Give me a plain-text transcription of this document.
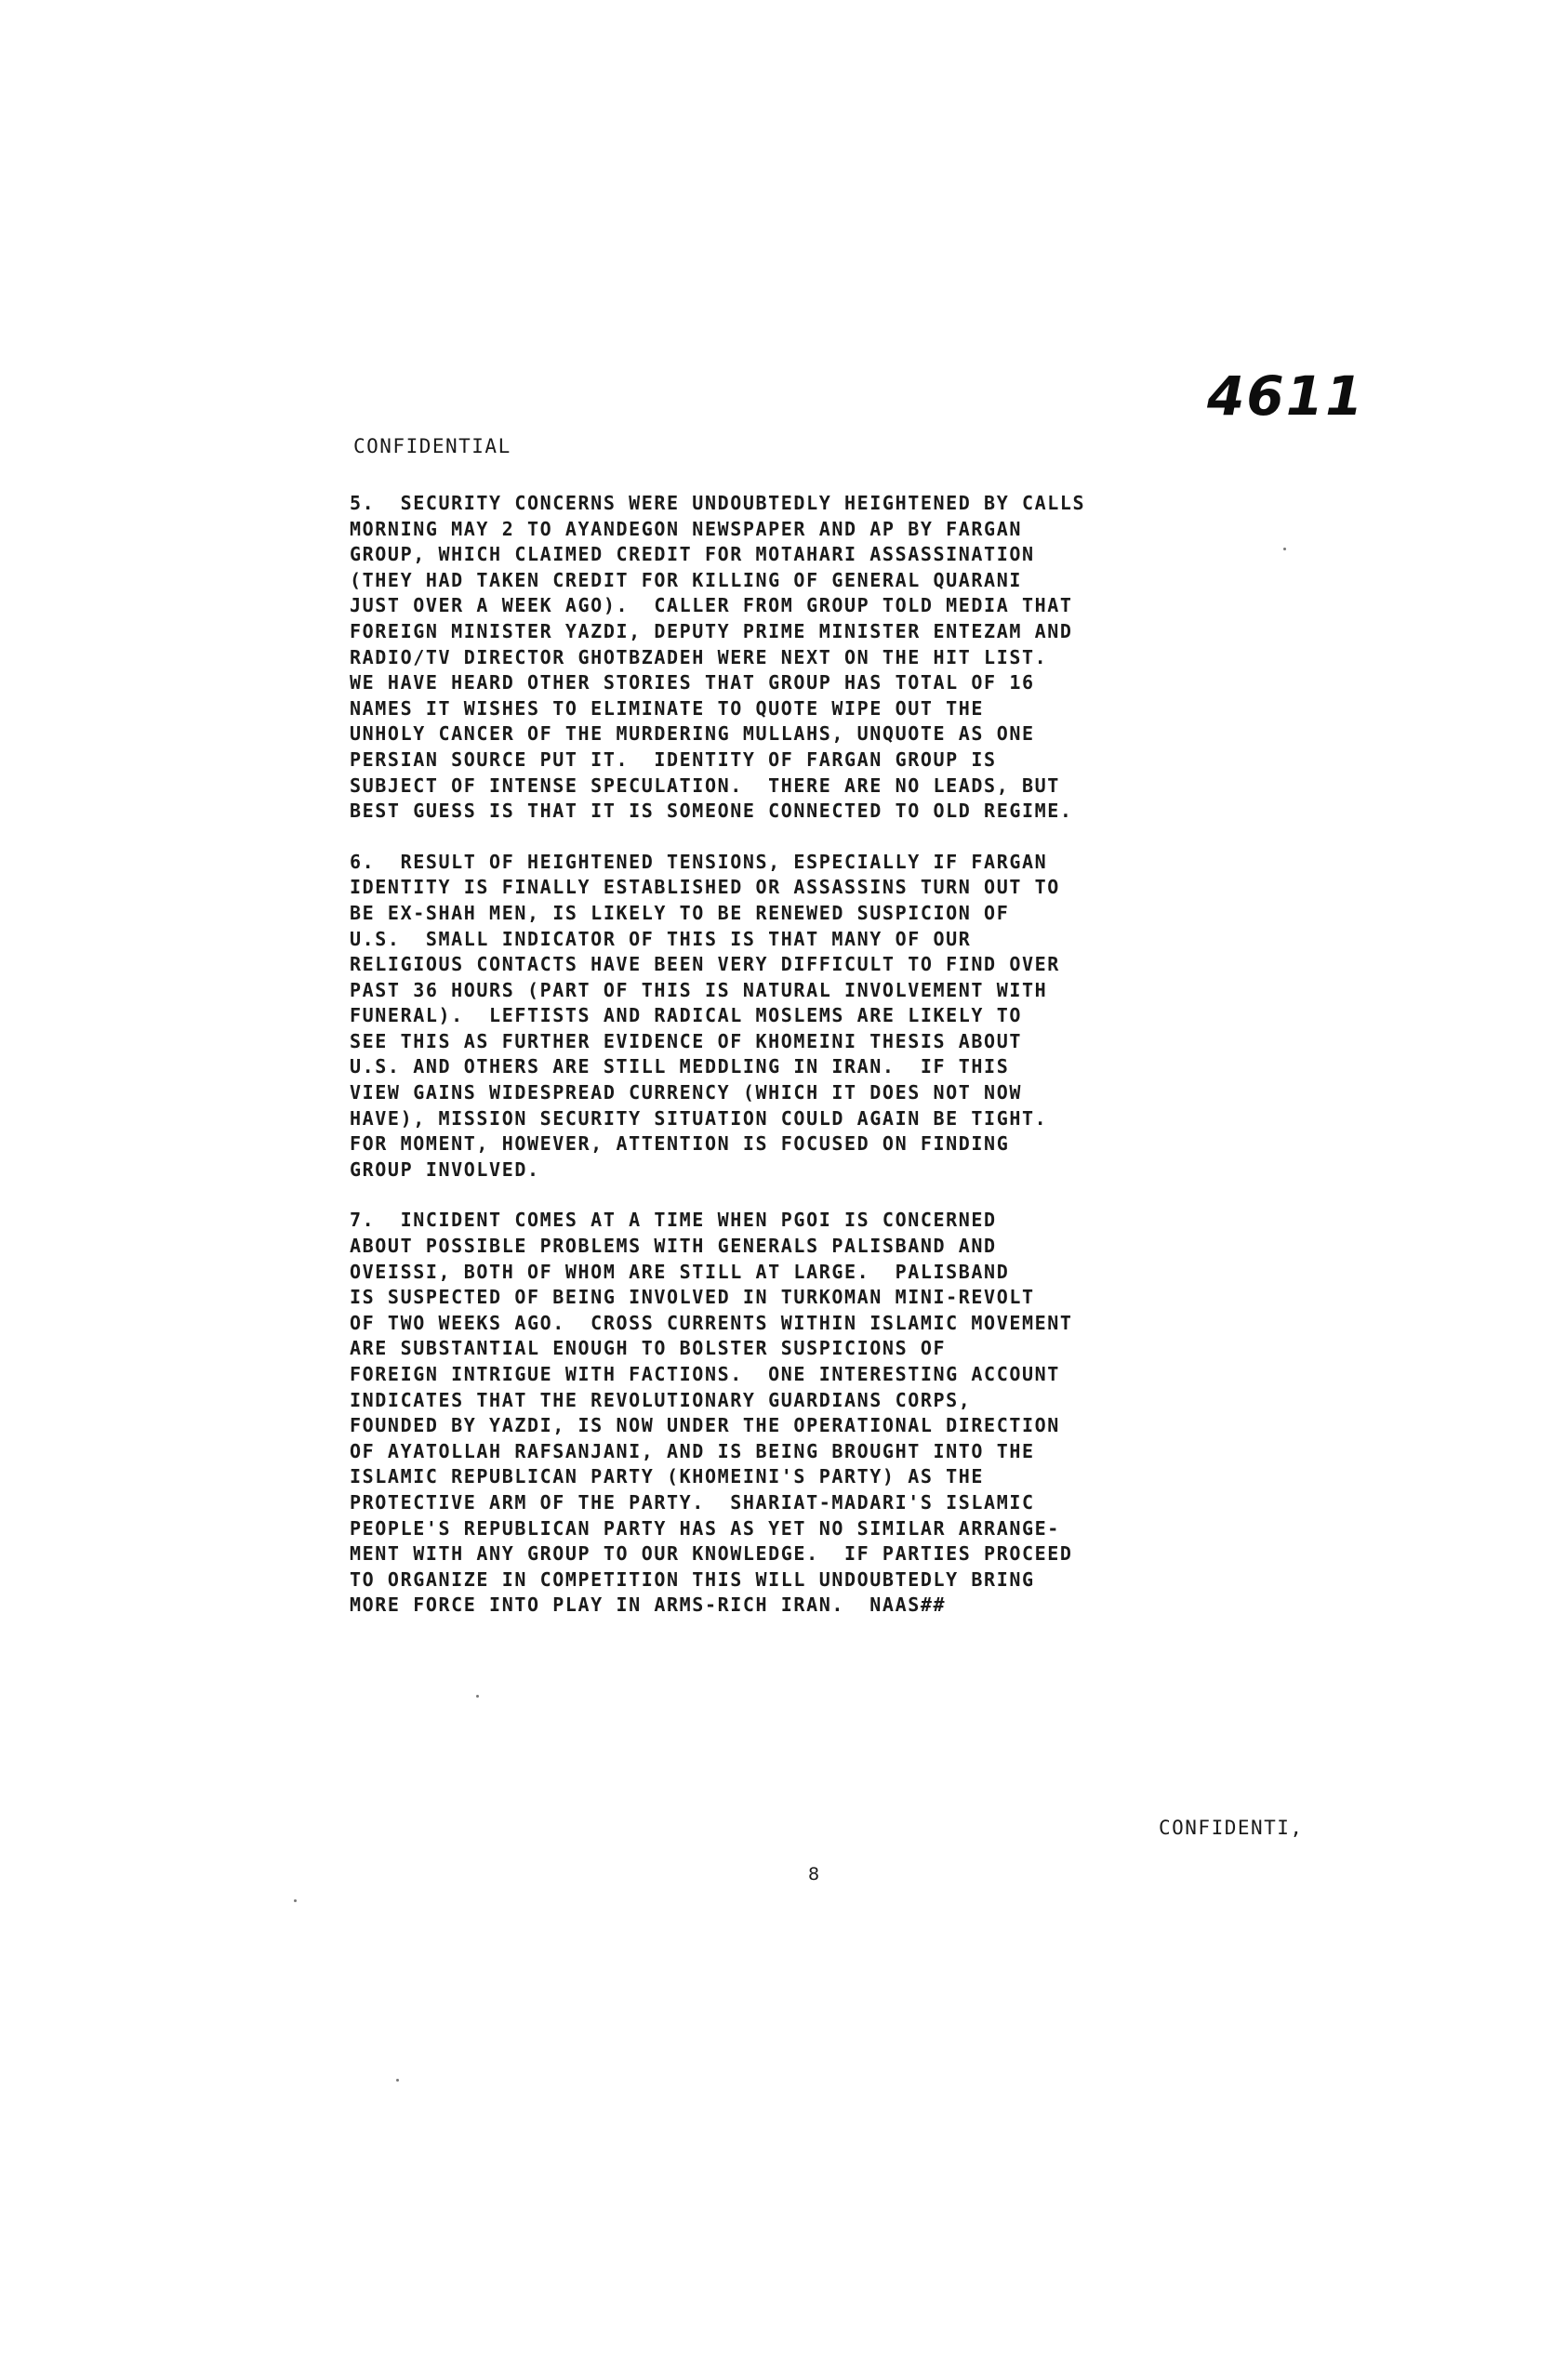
4611
CONFIDENTIAL
5.  SECURITY CONCERNS WERE UNDOUBTEDLY HEIGHTENED BY CALLS
MORNING MAY 2 TO AYANDEGON NEWSPAPER AND AP BY FARGAN
GROUP, WHICH CLAIMED CREDIT FOR MOTAHARI ASSASSINATION
(THEY HAD TAKEN CREDIT FOR KILLING OF GENERAL QUARANI
JUST OVER A WEEK AGO).  CALLER FROM GROUP TOLD MEDIA THAT
FOREIGN MINISTER YAZDI, DEPUTY PRIME MINISTER ENTEZAM AND
RADIO/TV DIRECTOR GHOTBZADEH WERE NEXT ON THE HIT LIST.
WE HAVE HEARD OTHER STORIES THAT GROUP HAS TOTAL OF 16
NAMES IT WISHES TO ELIMINATE TO QUOTE WIPE OUT THE
UNHOLY CANCER OF THE MURDERING MULLAHS, UNQUOTE AS ONE
PERSIAN SOURCE PUT IT.  IDENTITY OF FARGAN GROUP IS
SUBJECT OF INTENSE SPECULATION.  THERE ARE NO LEADS, BUT
BEST GUESS IS THAT IT IS SOMEONE CONNECTED TO OLD REGIME.
6.  RESULT OF HEIGHTENED TENSIONS, ESPECIALLY IF FARGAN
IDENTITY IS FINALLY ESTABLISHED OR ASSASSINS TURN OUT TO
BE EX-SHAH MEN, IS LIKELY TO BE RENEWED SUSPICION OF
U.S.  SMALL INDICATOR OF THIS IS THAT MANY OF OUR
RELIGIOUS CONTACTS HAVE BEEN VERY DIFFICULT TO FIND OVER
PAST 36 HOURS (PART OF THIS IS NATURAL INVOLVEMENT WITH
FUNERAL).  LEFTISTS AND RADICAL MOSLEMS ARE LIKELY TO
SEE THIS AS FURTHER EVIDENCE OF KHOMEINI THESIS ABOUT
U.S. AND OTHERS ARE STILL MEDDLING IN IRAN.  IF THIS
VIEW GAINS WIDESPREAD CURRENCY (WHICH IT DOES NOT NOW
HAVE), MISSION SECURITY SITUATION COULD AGAIN BE TIGHT.
FOR MOMENT, HOWEVER, ATTENTION IS FOCUSED ON FINDING
GROUP INVOLVED.
7.  INCIDENT COMES AT A TIME WHEN PGOI IS CONCERNED
ABOUT POSSIBLE PROBLEMS WITH GENERALS PALISBAND AND
OVEISSI, BOTH OF WHOM ARE STILL AT LARGE.  PALISBAND
IS SUSPECTED OF BEING INVOLVED IN TURKOMAN MINI-REVOLT
OF TWO WEEKS AGO.  CROSS CURRENTS WITHIN ISLAMIC MOVEMENT
ARE SUBSTANTIAL ENOUGH TO BOLSTER SUSPICIONS OF
FOREIGN INTRIGUE WITH FACTIONS.  ONE INTERESTING ACCOUNT
INDICATES THAT THE REVOLUTIONARY GUARDIANS CORPS,
FOUNDED BY YAZDI, IS NOW UNDER THE OPERATIONAL DIRECTION
OF AYATOLLAH RAFSANJANI, AND IS BEING BROUGHT INTO THE
ISLAMIC REPUBLICAN PARTY (KHOMEINI'S PARTY) AS THE
PROTECTIVE ARM OF THE PARTY.  SHARIAT-MADARI'S ISLAMIC
PEOPLE'S REPUBLICAN PARTY HAS AS YET NO SIMILAR ARRANGE-
MENT WITH ANY GROUP TO OUR KNOWLEDGE.  IF PARTIES PROCEED
TO ORGANIZE IN COMPETITION THIS WILL UNDOUBTEDLY BRING
MORE FORCE INTO PLAY IN ARMS-RICH IRAN.  NAAS##
CONFIDENTI,
8
